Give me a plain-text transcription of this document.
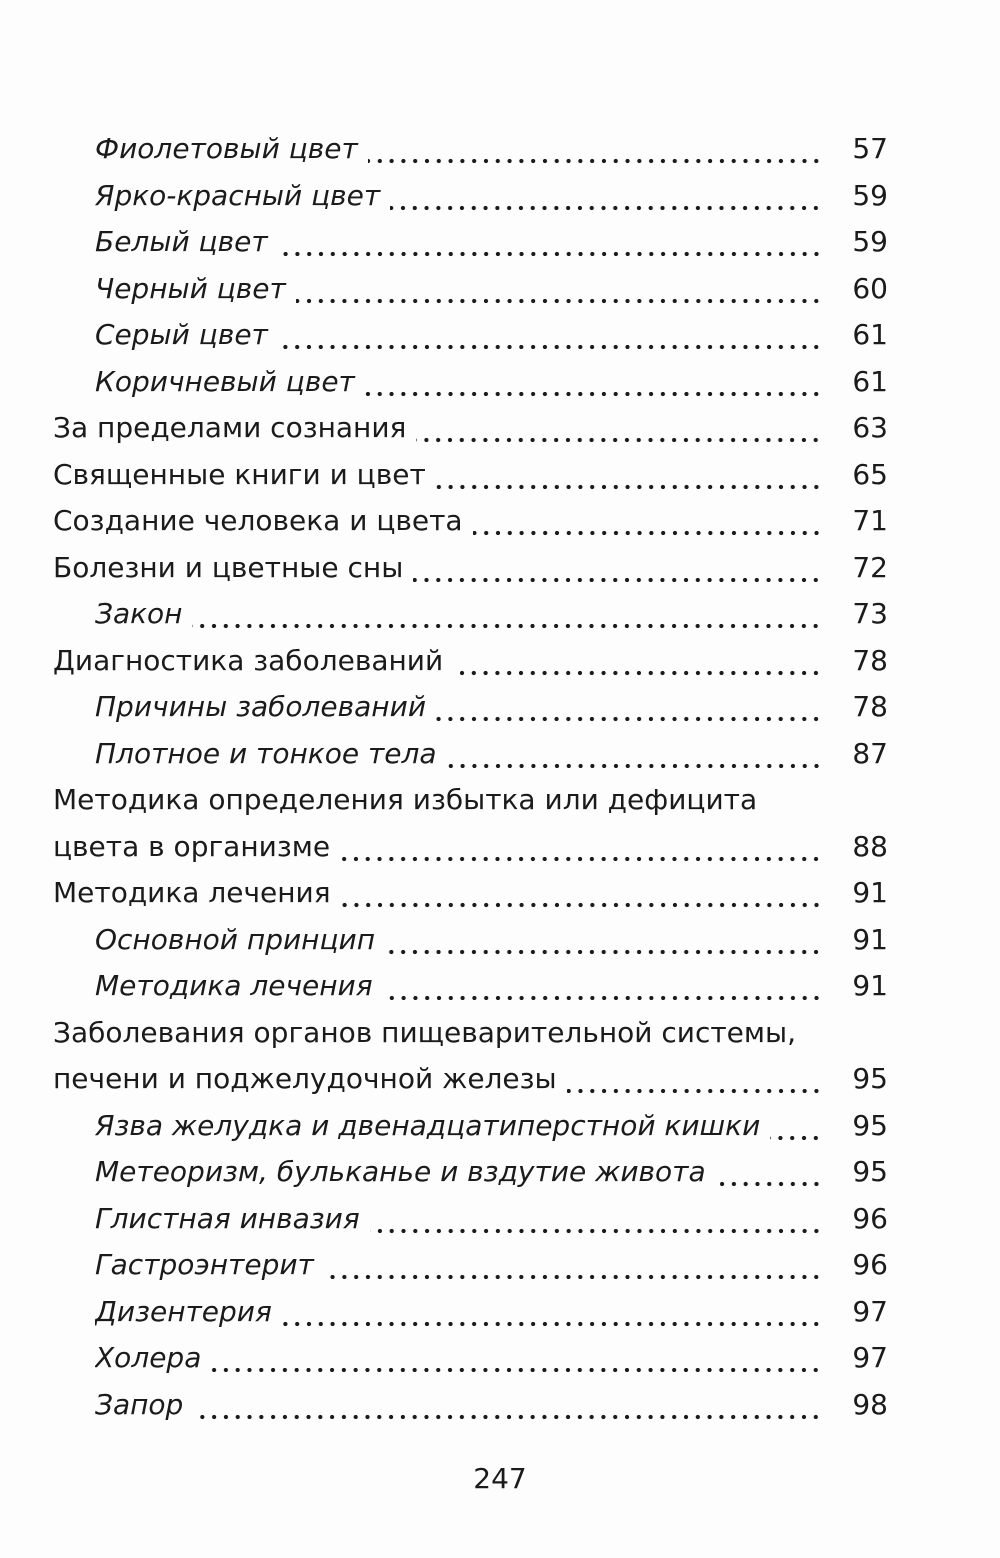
Фиолетовый цвет	57
Ярко-красный цвет	59
Белый цвет	59
Черный цвет	60
Серый цвет	61
Коричневый цвет	61
За пределами сознания	63
Священные книги и цвет	65
Создание человека и цвета	71
Болезни и цветные сны	72
Закон	73
Диагностика заболеваний	78
Причины заболеваний	78
Плотное и тонкое тела	87
Методика определения избытка или дефицита
цвета в организме	88
Методика лечения	91
Основной принцип	91
Методика лечения	91
Заболевания органов пищеварительной системы,
печени и поджелудочной железы	95
Язва желудка и двенадцатиперстной кишки	95
Метеоризм, бульканье и вздутие живота	95
Глистная инвазия	96
Гастроэнтерит	96
Дизентерия	97
Холера	97
Запор	98
247
